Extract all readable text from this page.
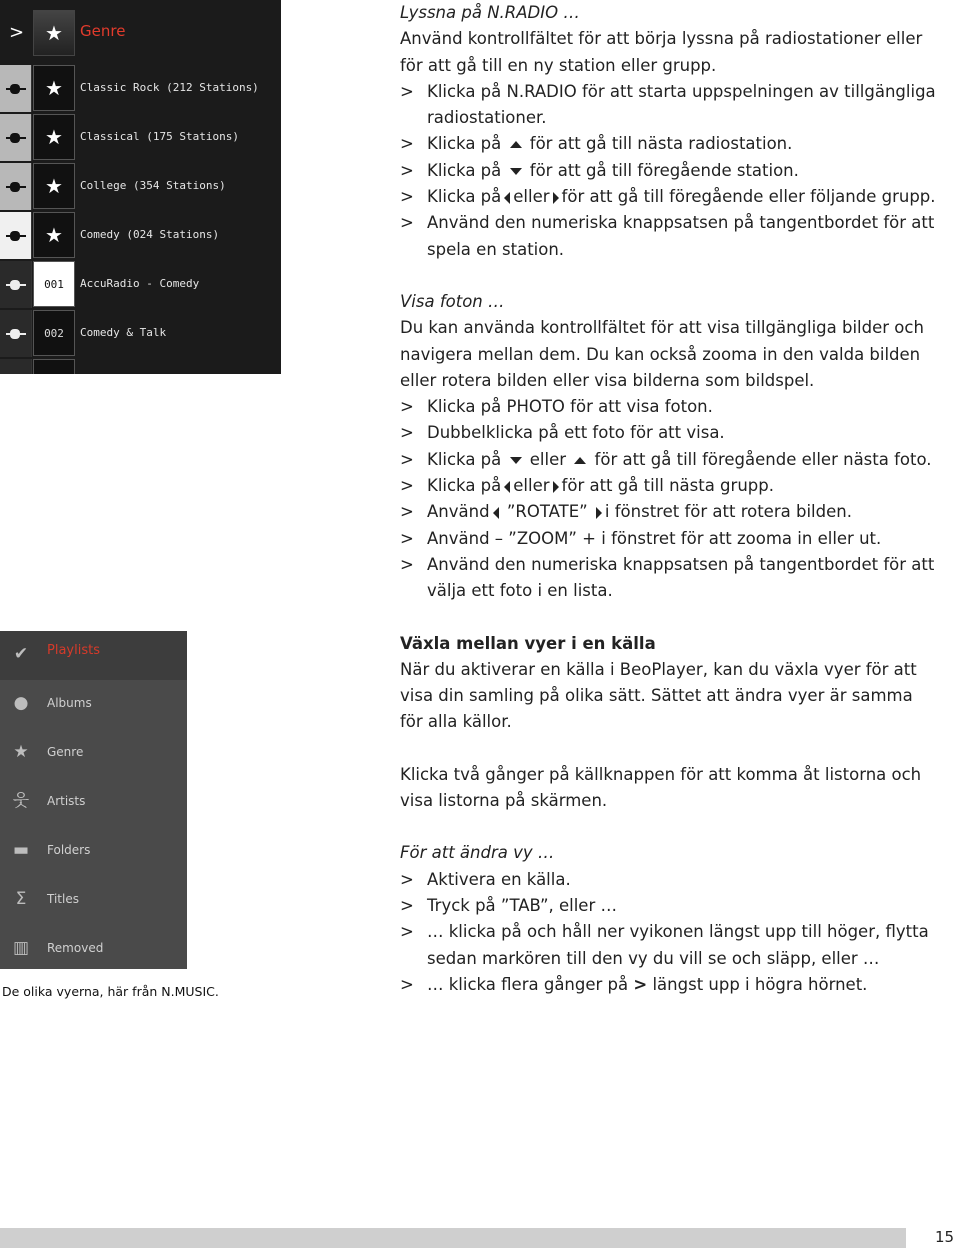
>	★	Genre
★	Classic Rock (212 Stations)
★	Classical (175 Stations)
★	College (354 Stations)
★	Comedy (024 Stations)
001	AccuRadio - Comedy
002	Comedy & Talk
✔ Playlists
● Albums
★ Genre
웃 Artists
▬ Folders
Σ	Titles
▥ Removed
De olika vyerna, här från N.MUSIC.

Lyssna på N.RADIO …

Använd kontrollfältet för att börja lyssna på radiostationer eller för att gå till en ny station eller grupp.

> Klicka på N.RADIO för att starta uppspelningen av tillgängliga radiostationer.

> Klicka på för att gå till nästa radiostation.

> Klicka på för att gå till föregående station.

> Klicka på eller för att gå till föregående eller följande grupp.

> Använd den numeriska knappsatsen på tangentbordet för att spela en station.

Visa foton …

Du kan använda kontrollfältet för att visa tillgängliga bilder och navigera mellan dem. Du kan också zooma in den valda bilden eller rotera bilden eller visa bilderna som bildspel.

> Klicka på PHOTO för att visa foton.

> Dubbelklicka på ett foto för att visa.

> Klicka på eller för att gå till föregående eller nästa foto.

> Klicka på eller för att gå till nästa grupp.

> Använd ”ROTATE” i fönstret för att rotera bilden.

> Använd – ”ZOOM” + i fönstret för att zooma in eller ut.

> Använd den numeriska knappsatsen på tangentbordet för att välja ett foto i en lista.

Växla mellan vyer i en källa

När du aktiverar en källa i BeoPlayer, kan du växla vyer för att visa din samling på olika sätt. Sättet att ändra vyer är samma för alla källor.

Klicka två gånger på källknappen för att komma åt listorna och visa listorna på skärmen.

För att ändra vy …

> Aktivera en källa.

> Tryck på ”TAB”, eller …

> … klicka på och håll ner vyikonen längst upp till höger, flytta sedan markören till den vy du vill se och släpp, eller …

> … klicka flera gånger på > längst upp i högra hörnet.

15
